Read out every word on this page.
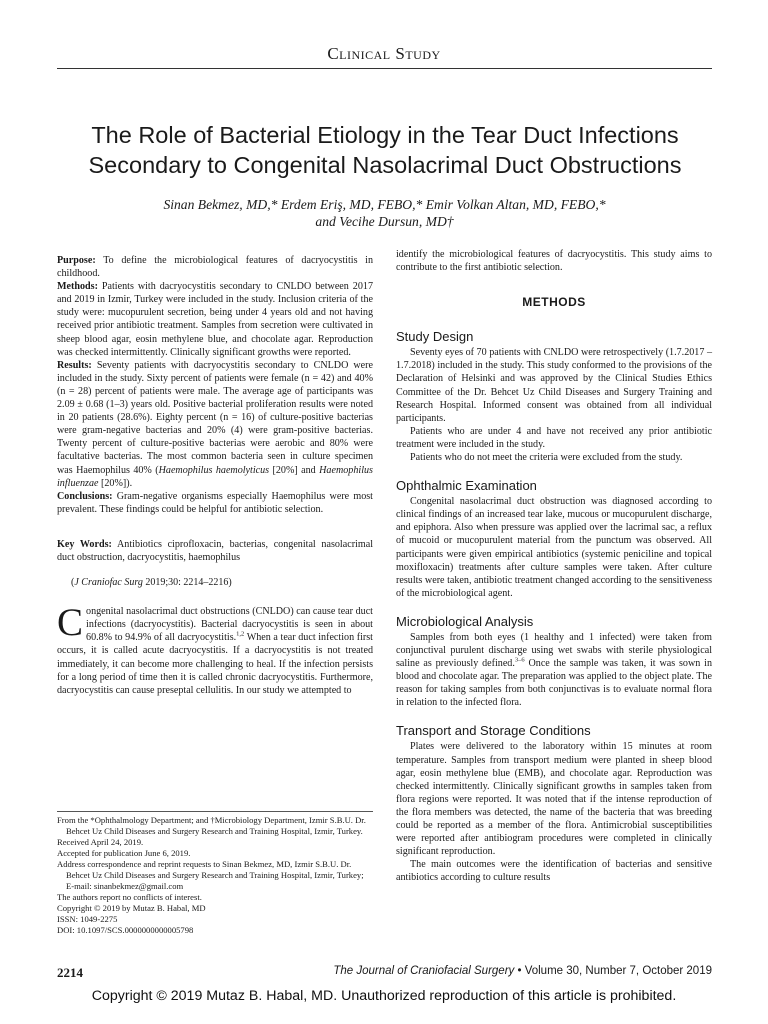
Clinical Study
The Role of Bacterial Etiology in the Tear Duct Infections Secondary to Congenital Nasolacrimal Duct Obstructions
Sinan Bekmez, MD,* Erdem Eriş, MD, FEBO,* Emir Volkan Altan, MD, FEBO,*
and Vecihe Dursun, MD†

Purpose: To define the microbiological features of dacryocystitis in childhood.

Methods: Patients with dacryocystitis secondary to CNLDO between 2017 and 2019 in Izmir, Turkey were included in the study. Inclusion criteria of the study were: mucopurulent secretion, being under 4 years old and not having received prior antibiotic treatment. Samples from secretion were cultivated in sheep blood agar, eosin methylene blue, and chocolate agar. Reproduction was checked intermittently. Clinically significant growths were reported.

Results: Seventy patients with dacryocystitis secondary to CNLDO were included in the study. Sixty percent of patients were female (n = 42) and 40% (n = 28) percent of patients were male. The average age of participants was 2.09 ± 0.68 (1–3) years old. Positive bacterial proliferation results were noted in 20 patients (28.6%). Eighty percent (n = 16) of culture-positive bacterias were gram-negative bacterias and 20% (4) were gram-positive bacterias. Twenty percent of culture-positive bacterias were aerobic and 80% were facultative bacterias. The most common bacteria seen in culture specimen was Haemophilus 40% (Haemophilus haemolyticus [20%] and Haemophilus influenzae [20%]).

Conclusions: Gram-negative organisms especially Haemophilus were most prevalent. These findings could be helpful for antibiotic selection.

Key Words: Antibiotics ciprofloxacin, bacterias, congenital nasolacrimal duct obstruction, dacryocystitis, haemophilus

(J Craniofac Surg 2019;30: 2214–2216)

Congenital nasolacrimal duct obstructions (CNLDO) can cause tear duct infections (dacryocystitis). Bacterial dacryocystitis is seen in about 60.8% to 94.9% of all dacryocystitis.$^{1,2}$ When a tear duct infection first occurs, it is called acute dacryocystitis. If a dacryocystitis is not treated immediately, it can become more challenging to heal. If the infection persists for a long period of time then it is called chronic dacryocystitis. Furthermore, dacryocystitis can cause preseptal cellulitis. In our study we attempted to

From the *Ophthalmology Department; and †Microbiology Department, Izmir S.B.U. Dr. Behcet Uz Child Diseases and Surgery Research and Training Hospital, Izmir, Turkey.

Received April 24, 2019.

Accepted for publication June 6, 2019.

Address correspondence and reprint requests to Sinan Bekmez, MD, Izmir S.B.U. Dr. Behcet Uz Child Diseases and Surgery Research and Training Hospital, Izmir, Turkey; E-mail: sinanbekmez@gmail.com

The authors report no conflicts of interest.

Copyright © 2019 by Mutaz B. Habal, MD

ISSN: 1049-2275

DOI: 10.1097/SCS.0000000000005798

identify the microbiological features of dacryocystitis. This study aims to contribute to the first antibiotic selection.

METHODS

Study Design

Seventy eyes of 70 patients with CNLDO were retrospectively (1.7.2017 – 1.7.2018) included in the study. This study conformed to the provisions of the Declaration of Helsinki and was approved by the Clinical Studies Ethics Committee of the Dr. Behcet Uz Child Diseases and Surgery Training and Research Hospital. Informed consent was obtained from all individual participants.

Patients who are under 4 and have not received any prior antibiotic treatment were included in the study.

Patients who do not meet the criteria were excluded from the study.

Ophthalmic Examination

Congenital nasolacrimal duct obstruction was diagnosed according to clinical findings of an increased tear lake, mucous or mucopurulent discharge, and epiphora. Also when pressure was applied over the lacrimal sac, a reflux of mucoid or mucopurulent material from the punctum was observed. All participants were given empirical antibiotics (systemic peniciline and topical moxifloxacin) treatments after culture samples were taken. After culture results were taken, antibiotic treatment changed according to the sensitiveness of the microbiological agent.

Microbiological Analysis

Samples from both eyes (1 healthy and 1 infected) were taken from conjunctival purulent discharge using wet swabs with sterile physiological saline as previously defined.$^{3-6}$ Once the sample was taken, it was sown in blood and chocolate agar. The preparation was applied to the object plate. The reason for taking samples from both conjunctivas is to evaluate normal flora in relation to the infected flora.

Transport and Storage Conditions

Plates were delivered to the laboratory within 15 minutes at room temperature. Samples from transport medium were planted in sheep blood agar, eosin methylene blue (EMB), and chocolate agar. Reproduction was checked intermittently. Clinically significant growths in samples taken from flora regions were reported. It was noted that if the intense reproduction of the flora members was detected, the name of the bacteria that was breeding could be reported as a member of the flora. Antimicrobial susceptibilities were reported after antibiogram procedures were completed in clinically significant reproduction.

The main outcomes were the identification of bacterias and sensitive antibiotics according to culture results

2214	The Journal of Craniofacial Surgery • Volume 30, Number 7, October 2019
Copyright © 2019 Mutaz B. Habal, MD. Unauthorized reproduction of this article is prohibited.
